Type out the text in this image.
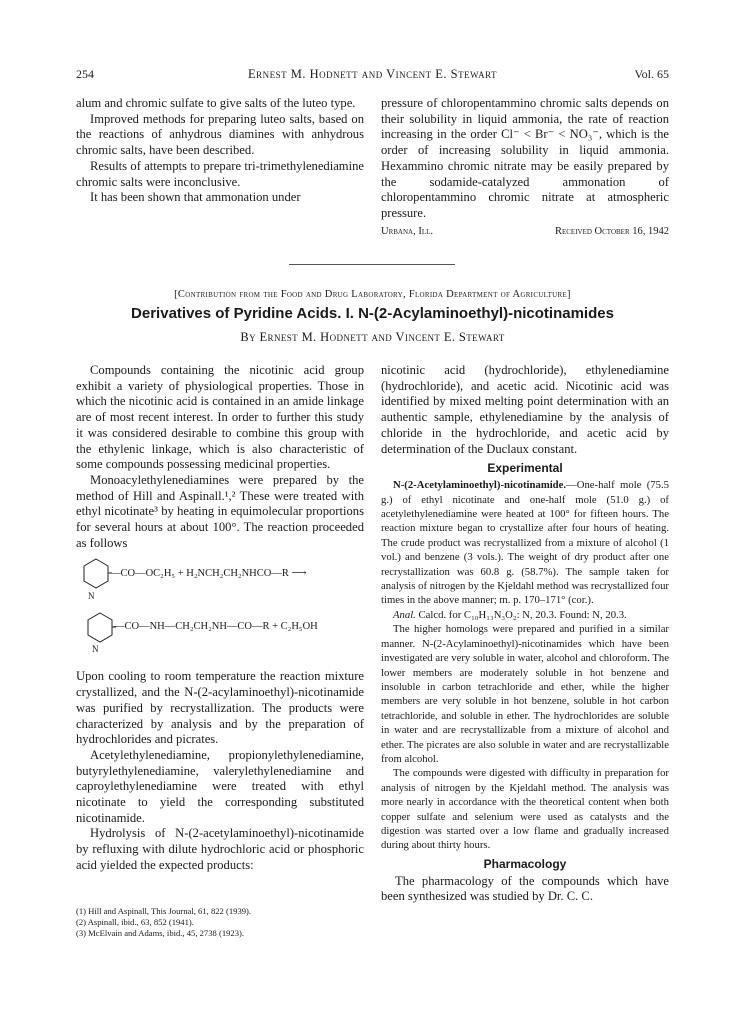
254	Ernest M. Hodnett and Vincent E. Stewart	Vol. 65

alum and chromic sulfate to give salts of the luteo type.

Improved methods for preparing luteo salts, based on the reactions of anhydrous diamines with anhydrous chromic salts, have been described.

Results of attempts to prepare tri-trimethylenediamine chromic salts were inconclusive.

It has been shown that ammonation under

pressure of chloropentammino chromic salts depends on their solubility in liquid ammonia, the rate of reaction increasing in the order Cl⁻ < Br⁻ < NO₃⁻, which is the order of increasing solubility in liquid ammonia. Hexammino chromic nitrate may be easily prepared by the sodamide-catalyzed ammonation of chloropentammino chromic nitrate at atmospheric pressure.

Urbana, Ill.	Received October 16, 1942
[Contribution from the Food and Drug Laboratory, Florida Department of Agriculture]
Derivatives of Pyridine Acids. I. N-(2-Acylaminoethyl)-nicotinamides
By Ernest M. Hodnett and Vincent E. Stewart

Compounds containing the nicotinic acid group exhibit a variety of physiological properties. Those in which the nicotinic acid is contained in an amide linkage are of most recent interest. In order to further this study it was considered desirable to combine this group with the ethylenic linkage, which is also characteristic of some compounds possessing medicinal properties.

Monoacylethylenediamines were prepared by the method of Hill and Aspinall.¹,² These were treated with ethyl nicotinate³ by heating in equimolecular proportions for several hours at about 100°. The reaction proceeded as follows

—CO—OC₂H₅ + H₂NCH₂CH₂NHCO—R ⟶
N
—CO—NH—CH₂CH₂NH—CO—R + C₂H₅OH
N

Upon cooling to room temperature the reaction mixture crystallized, and the N-(2-acylaminoethyl)-nicotinamide was purified by recrystallization. The products were characterized by analysis and by the preparation of hydrochlorides and picrates.

Acetylethylenediamine, propionylethylenediamine, butyrylethylenediamine, valerylethylenediamine and caproylethylenediamine were treated with ethyl nicotinate to yield the corresponding substituted nicotinamide.

Hydrolysis of N-(2-acetylaminoethyl)-nicotinamide by refluxing with dilute hydrochloric acid or phosphoric acid yielded the expected products:

nicotinic acid (hydrochloride), ethylenediamine (hydrochloride), and acetic acid. Nicotinic acid was identified by mixed melting point determination with an authentic sample, ethylenediamine by the analysis of chloride in the hydrochloride, and acetic acid by determination of the Duclaux constant.

Experimental

N-(2-Acetylaminoethyl)-nicotinamide.—One-half mole (75.5 g.) of ethyl nicotinate and one-half mole (51.0 g.) of acetylethylenediamine were heated at 100° for fifteen hours. The reaction mixture began to crystallize after four hours of heating. The crude product was recrystallized from a mixture of alcohol (1 vol.) and benzene (3 vols.). The weight of dry product after one recrystallization was 60.8 g. (58.7%). The sample taken for analysis of nitrogen by the Kjeldahl method was recrystallized four times in the above manner; m. p. 170–171° (cor.).

Anal. Calcd. for C₁₀H₁₃N₃O₂: N, 20.3. Found: N, 20.3.

The higher homologs were prepared and purified in a similar manner. N-(2-Acylaminoethyl)-nicotinamides which have been investigated are very soluble in water, alcohol and chloroform. The lower members are moderately soluble in hot benzene and insoluble in carbon tetrachloride and ether, while the higher members are very soluble in hot benzene, soluble in hot carbon tetrachloride, and soluble in ether. The hydrochlorides are soluble in water and are recrystallizable from a mixture of alcohol and ether. The picrates are also soluble in water and are recrystallizable from alcohol.

The compounds were digested with difficulty in preparation for analysis of nitrogen by the Kjeldahl method. The analysis was more nearly in accordance with the theoretical content when both copper sulfate and selenium were used as catalysts and the digestion was started over a low flame and gradually increased during about thirty hours.

Pharmacology

The pharmacology of the compounds which have been synthesized was studied by Dr. C. C.

(1) Hill and Aspinall, This Journal, 61, 822 (1939).
(2) Aspinall, ibid., 63, 852 (1941).
(3) McElvain and Adams, ibid., 45, 2738 (1923).
